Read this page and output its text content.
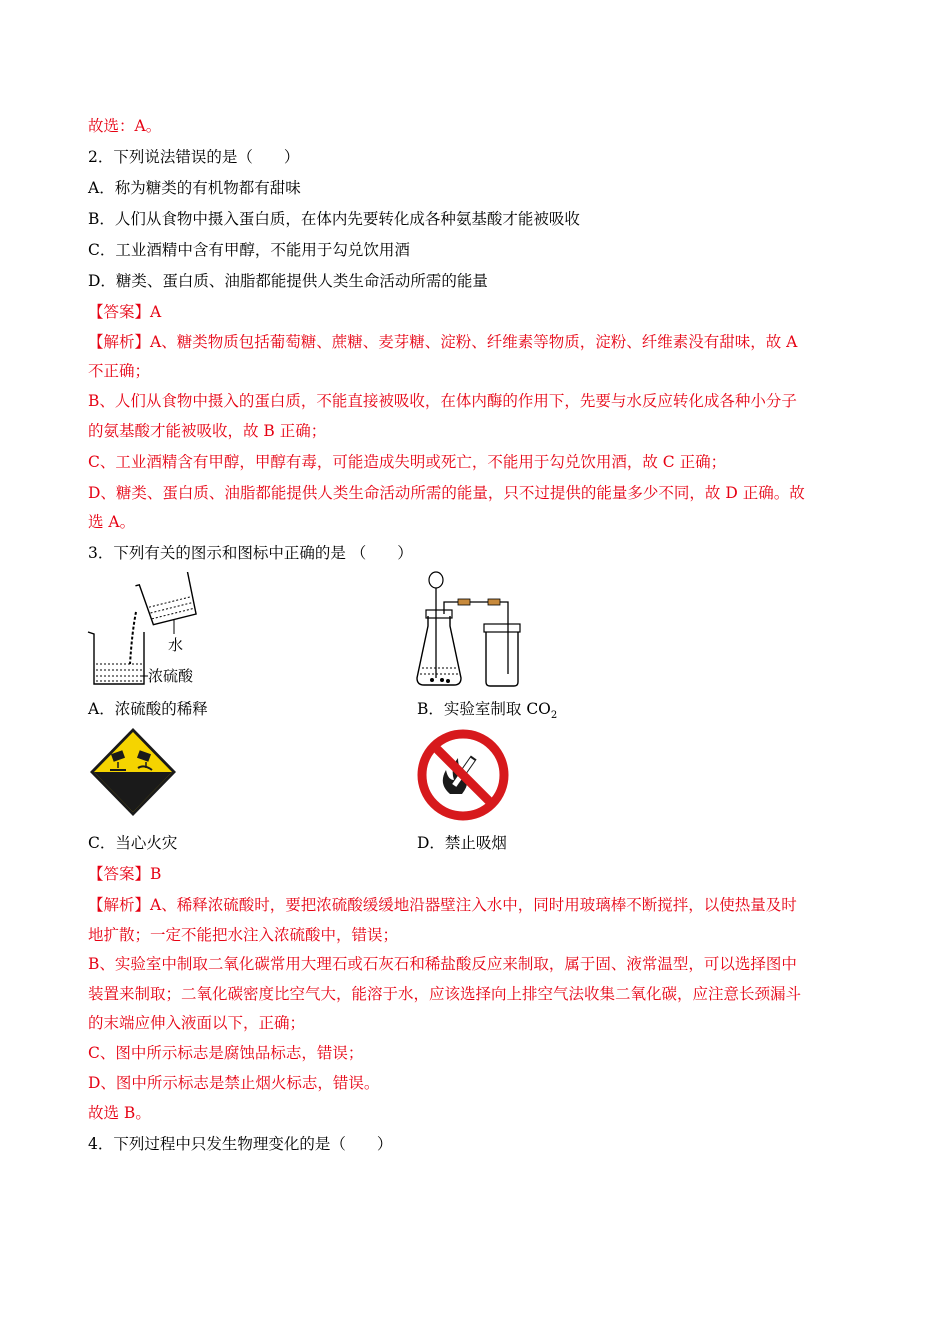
故选：A。
2．下列说法错误的是（　　）
A．称为糖类的有机物都有甜味
B．人们从食物中摄入蛋白质，在体内先要转化成各种氨基酸才能被吸收
C．工业酒精中含有甲醇，不能用于勾兑饮用酒
D．糖类、蛋白质、油脂都能提供人类生命活动所需的能量
【答案】A
【解析】A、糖类物质包括葡萄糖、蔗糖、麦芽糖、淀粉、纤维素等物质，淀粉、纤维素没有甜味，故 A
不正确；
B、人们从食物中摄入的蛋白质，不能直接被吸收，在体内酶的作用下，先要与水反应转化成各种小分子
的氨基酸才能被吸收，故 B 正确；
C、工业酒精含有甲醇，甲醇有毒，可能造成失明或死亡，不能用于勾兑饮用酒，故 C 正确；
D、糖类、蛋白质、油脂都能提供人类生命活动所需的能量，只不过提供的能量多少不同，故 D 正确。故
选 A。
3．下列有关的图示和图标中正确的是 （　　）
水
浓硫酸
A．浓硫酸的稀释	B．实验室制取 $CO_2$
C．当心火灾	D．禁止吸烟
【答案】B
【解析】A、稀释浓硫酸时，要把浓硫酸缓缓地沿器壁注入水中，同时用玻璃棒不断搅拌，以使热量及时
地扩散；一定不能把水注入浓硫酸中，错误；
B、实验室中制取二氧化碳常用大理石或石灰石和稀盐酸反应来制取，属于固、液常温型，可以选择图中
装置来制取；二氧化碳密度比空气大，能溶于水，应该选择向上排空气法收集二氧化碳，应注意长颈漏斗
的末端应伸入液面以下，正确；
C、图中所示标志是腐蚀品标志，错误；
D、图中所示标志是禁止烟火标志，错误。
故选 B。
4．下列过程中只发生物理变化的是（　　）
